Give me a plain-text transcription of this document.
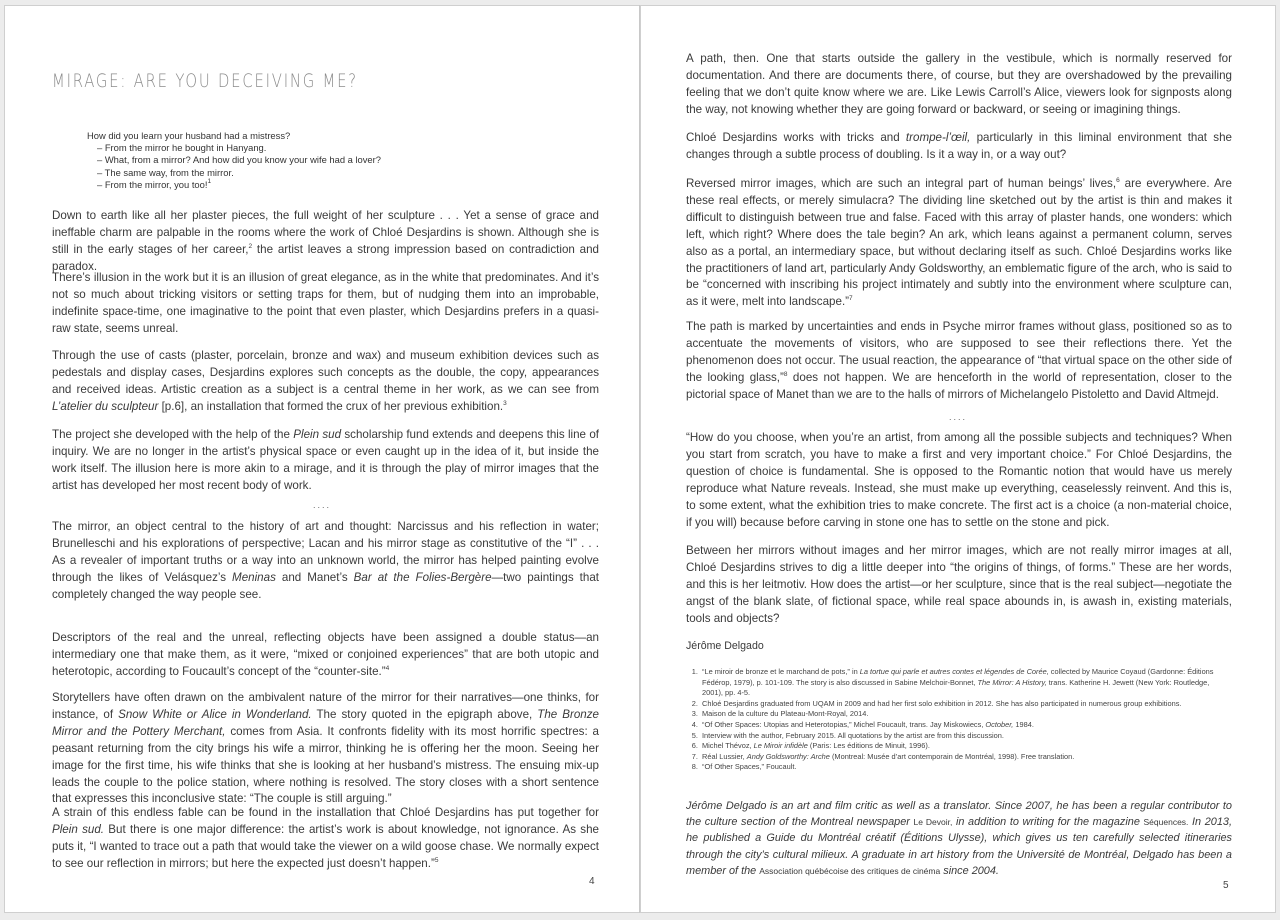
MIRAGE: ARE YOU DECEIVING ME?
How did you learn your husband had a mistress?
– From the mirror he bought in Hanyang.
– What, from a mirror? And how did you know your wife had a lover?
– The same way, from the mirror.
– From the mirror, you too!$^1$

Down to earth like all her plaster pieces, the full weight of her sculpture . . . Yet a sense of grace and ineffable charm are palpable in the rooms where the work of Chloé Desjardins is shown. Although she is still in the early stages of her career,$^2$ the artist leaves a strong impression based on contradiction and paradox.

There’s illusion in the work but it is an illusion of great elegance, as in the white that predominates. And it’s not so much about tricking visitors or setting traps for them, but of nudging them into an improbable, indefinite space-time, one imaginative to the point that even plaster, which Desjardins prefers in a quasi-raw state, seems unreal.

Through the use of casts (plaster, porcelain, bronze and wax) and museum exhibition devices such as pedestals and display cases, Desjardins explores such concepts as the double, the copy, appearances and received ideas. Artistic creation as a subject is a central theme in her work, as we can see from L’atelier du sculpteur [p.6], an installation that formed the crux of her previous exhibition.$^3$

The project she developed with the help of the Plein sud scholarship fund extends and deepens this line of inquiry. We are no longer in the artist’s physical space or even caught up in the idea of it, but inside the work itself. The illusion here is more akin to a mirage, and it is through the play of mirror images that the artist has developed her most recent body of work.

....

The mirror, an object central to the history of art and thought: Narcissus and his reflection in water; Brunelleschi and his explorations of perspective; Lacan and his mirror stage as constitutive of the “I” . . . As a revealer of important truths or a way into an unknown world, the mirror has helped painting evolve through the likes of Velásquez’s Meninas and Manet’s Bar at the Folies-Bergère—two paintings that completely changed the way people see.

Descriptors of the real and the unreal, reflecting objects have been assigned a double status—an intermediary one that make them, as it were, “mixed or conjoined experiences” that are both utopic and heterotopic, according to Foucault’s concept of the “counter-site.”$^4$

Storytellers have often drawn on the ambivalent nature of the mirror for their narratives—one thinks, for instance, of Snow White or Alice in Wonderland. The story quoted in the epigraph above, The Bronze Mirror and the Pottery Merchant, comes from Asia. It confronts fidelity with its most horrific spectres: a peasant returning from the city brings his wife a mirror, thinking he is offering her the moon. Seeing her image for the first time, his wife thinks that she is looking at her husband’s mistress. The ensuing mix-up leads the couple to the police station, where nothing is resolved. The story closes with a short sentence that expresses this inconclusive state: “The couple is still arguing.”

A strain of this endless fable can be found in the installation that Chloé Desjardins has put together for Plein sud. But there is one major difference: the artist’s work is about knowledge, not ignorance. As she puts it, “I wanted to trace out a path that would take the viewer on a wild goose chase. We normally expect to see our reflection in mirrors; but here the expected just doesn’t happen.”$^5$

4

A path, then. One that starts outside the gallery in the vestibule, which is normally reserved for documentation. And there are documents there, of course, but they are overshadowed by the prevailing feeling that we don’t quite know where we are. Like Lewis Carroll’s Alice, viewers look for signposts along the way, not knowing whether they are going forward or backward, or seeing or imagining things.

Chloé Desjardins works with tricks and trompe-l’œil, particularly in this liminal environment that she changes through a subtle process of doubling. Is it a way in, or a way out?

Reversed mirror images, which are such an integral part of human beings’ lives,$^6$ are everywhere. Are these real effects, or merely simulacra? The dividing line sketched out by the artist is thin and makes it difficult to distinguish between true and false. Faced with this array of plaster hands, one wonders: which left, which right? Where does the tale begin? An ark, which leans against a permanent column, serves also as a portal, an intermediary space, but without declaring itself as such. Chloé Desjardins works like the practitioners of land art, particularly Andy Goldsworthy, an emblematic figure of the arch, who is said to be “concerned with inscribing his project intimately and subtly into the environment where sculpture can, as it were, melt into landscape.”$^7$

The path is marked by uncertainties and ends in Psyche mirror frames without glass, positioned so as to accentuate the movements of visitors, who are supposed to see their reflections there. Yet the phenomenon does not occur. The usual reaction, the appearance of “that virtual space on the other side of the looking glass,”$^8$ does not happen. We are henceforth in the world of representation, closer to the pictorial space of Manet than we are to the halls of mirrors of Michelangelo Pistoletto and David Altmejd.

....

“How do you choose, when you’re an artist, from among all the possible subjects and techniques? When you start from scratch, you have to make a first and very important choice.” For Chloé Desjardins, the question of choice is fundamental. She is opposed to the Romantic notion that would have us merely reproduce what Nature reveals. Instead, she must make up everything, ceaselessly reinvent. And this is, to some extent, what the exhibition tries to make concrete. The first act is a choice (a non-material choice, if you will) because before carving in stone one has to settle on the stone and pick.

Between her mirrors without images and her mirror images, which are not really mirror images at all, Chloé Desjardins strives to dig a little deeper into “the origins of things, of forms.” These are her words, and this is her leitmotiv. How does the artist—or her sculpture, since that is the real subject—negotiate the angst of the blank slate, of fictional space, while real space abounds in, is awash in, existing materials, tools and objects?

Jérôme Delgado
1. “Le miroir de bronze et le marchand de pots,” in La tortue qui parle et autres contes et légendes de Corée, collected by Maurice Coyaud (Gardonne: Éditions Fédérop, 1979), p. 101-109. The story is also discussed in Sabine Melchoir-Bonnet, The Mirror: A History, trans. Katherine H. Jewett (New York: Routledge, 2001), pp. 4-5.
2. Chloé Desjardins graduated from UQAM in 2009 and had her first solo exhibition in 2012. She has also participated in numerous group exhibitions.
3. Maison de la culture du Plateau-Mont-Royal, 2014.
4. “Of Other Spaces: Utopias and Heterotopias,” Michel Foucault, trans. Jay Miskowiecs, October, 1984.
5. Interview with the author, February 2015. All quotations by the artist are from this discussion.
6. Michel Thévoz, Le Miroir infidèle (Paris: Les éditions de Minuit, 1996).
7. Réal Lussier, Andy Goldsworthy: Arche (Montreal: Musée d’art contemporain de Montréal, 1998). Free translation.
8. “Of Other Spaces,” Foucault.
Jérôme Delgado is an art and film critic as well as a translator. Since 2007, he has been a regular contributor to the culture section of the Montreal newspaper Le Devoir, in addition to writing for the magazine Séquences. In 2013, he published a Guide du Montréal créatif (Éditions Ulysse), which gives us ten carefully selected itineraries through the city’s cultural milieux. A graduate in art history from the Université de Montréal, Delgado has been a member of the Association québécoise des critiques de cinéma since 2004.
5
